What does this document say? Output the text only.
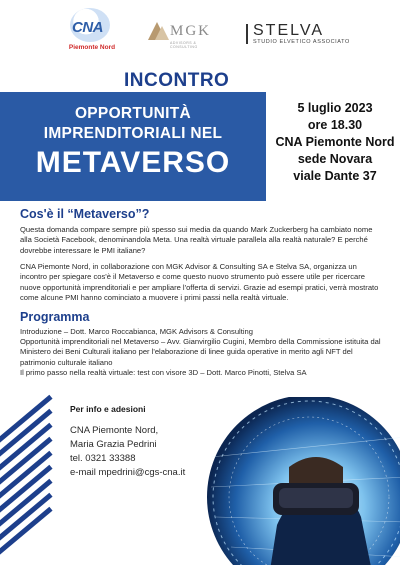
CNA
Piemonte Nord
MGK
ADVISORS & CONSULTING
STELVA
STUDIO ELVETICO ASSOCIATO
INCONTRO
OPPORTUNITÀ
IMPRENDITORIALI NEL
METAVERSO
5 luglio 2023
ore 18.30
CNA Piemonte Nord
sede Novara
viale Dante 37
Cos'è il “Metaverso”?
Questa domanda compare sempre più spesso sui media da quando Mark Zuckerberg ha cambiato nome alla Società Facebook, denominandola Meta. Una realtà virtuale parallela alla realtà naturale? E perché dovrebbe interessare le PMI italiane?
CNA Piemonte Nord, in collaborazione con MGK Advisor & Consulting SA e Stelva SA, organizza un incontro per spiegare cos'è il Metaverso e come questo nuovo strumento può essere utile per ricercare nuove opportunità imprenditoriali e per ampliare l'offerta di servizi. Grazie ad esempi pratici, verrà mostrato come alcune PMI hanno cominciato a muovere i primi passi nella realtà virtuale.
Programma
Introduzione – Dott. Marco Roccabianca, MGK Advisors & Consulting
Opportunità imprenditoriali nel Metaverso – Avv. Gianvirgilio Cugini, Membro della Commissione istituita dal Ministero dei Beni Culturali italiano per l'elaborazione di linee guida operative in merito agli NFT del patrimonio culturale italiano
Il primo passo nella realtà virtuale: test con visore 3D – Dott. Marco Pinotti, Stelva SA
Per info e adesioni
CNA Piemonte Nord,
Maria Grazia Pedrini
tel. 0321 33388
e-mail mpedrini@cgs-cna.it
